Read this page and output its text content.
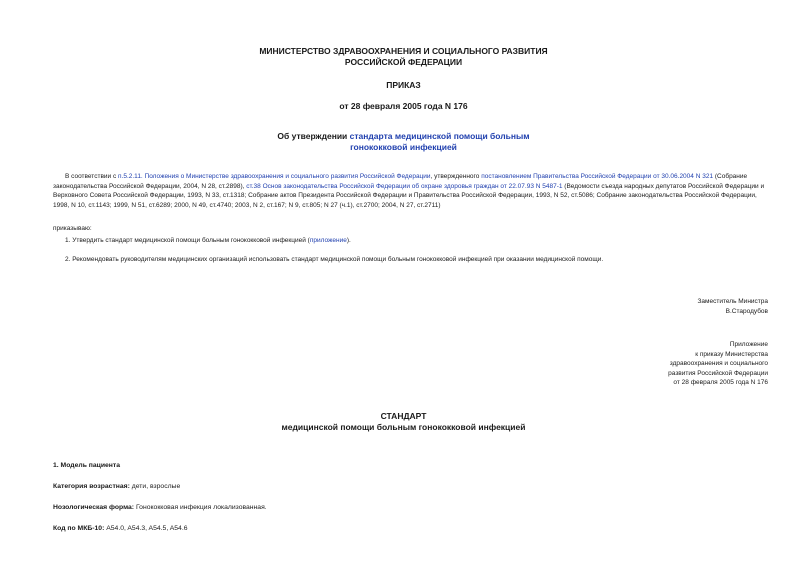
МИНИСТЕРСТВО ЗДРАВООХРАНЕНИЯ И СОЦИАЛЬНОГО РАЗВИТИЯ
РОССИЙСКОЙ ФЕДЕРАЦИИ
ПРИКАЗ
от 28 февраля 2005 года N 176
Об утверждении стандарта медицинской помощи больным
гонококковой инфекцией
В соответствии с п.5.2.11. Положения о Министерстве здравоохранения и социального развития Российской Федерации, утвержденного постановлением Правительства Российской Федерации от 30.06.2004 N 321 (Собрание законодательства Российской Федерации, 2004, N 28, ст.2898), ст.38 Основ законодательства Российской Федерации об охране здоровья граждан от 22.07.93 N 5487-1 (Ведомости съезда народных депутатов Российской Федерации и Верховного Совета Российской Федерации, 1993, N 33, ст.1318; Собрание актов Президента Российской Федерации и Правительства Российской Федерации, 1993, N 52, ст.5086; Собрание законодательства Российской Федерации, 1998, N 10, ст.1143; 1999, N 51, ст.6289; 2000, N 49, ст.4740; 2003, N 2, ст.167; N 9, ст.805; N 27 (ч.1), ст.2700; 2004, N 27, ст.2711)
приказываю:
1. Утвердить стандарт медицинской помощи больным гонококковой инфекцией (приложение).
2. Рекомендовать руководителям медицинских организаций использовать стандарт медицинской помощи больным гонококковой инфекцией при оказании медицинской помощи.
Заместитель Министра
В.Стародубов
Приложение
к приказу Министерства
здравоохранения и социального
развития Российской Федерации
от 28 февраля 2005 года N 176
СТАНДАРТ
медицинской помощи больным гонококковой инфекцией
1. Модель пациента
Категория возрастная: дети, взрослые
Нозологическая форма: Гонококковая инфекция локализованная.
Код по МКБ-10: A54.0, A54.3, A54.5, A54.6
